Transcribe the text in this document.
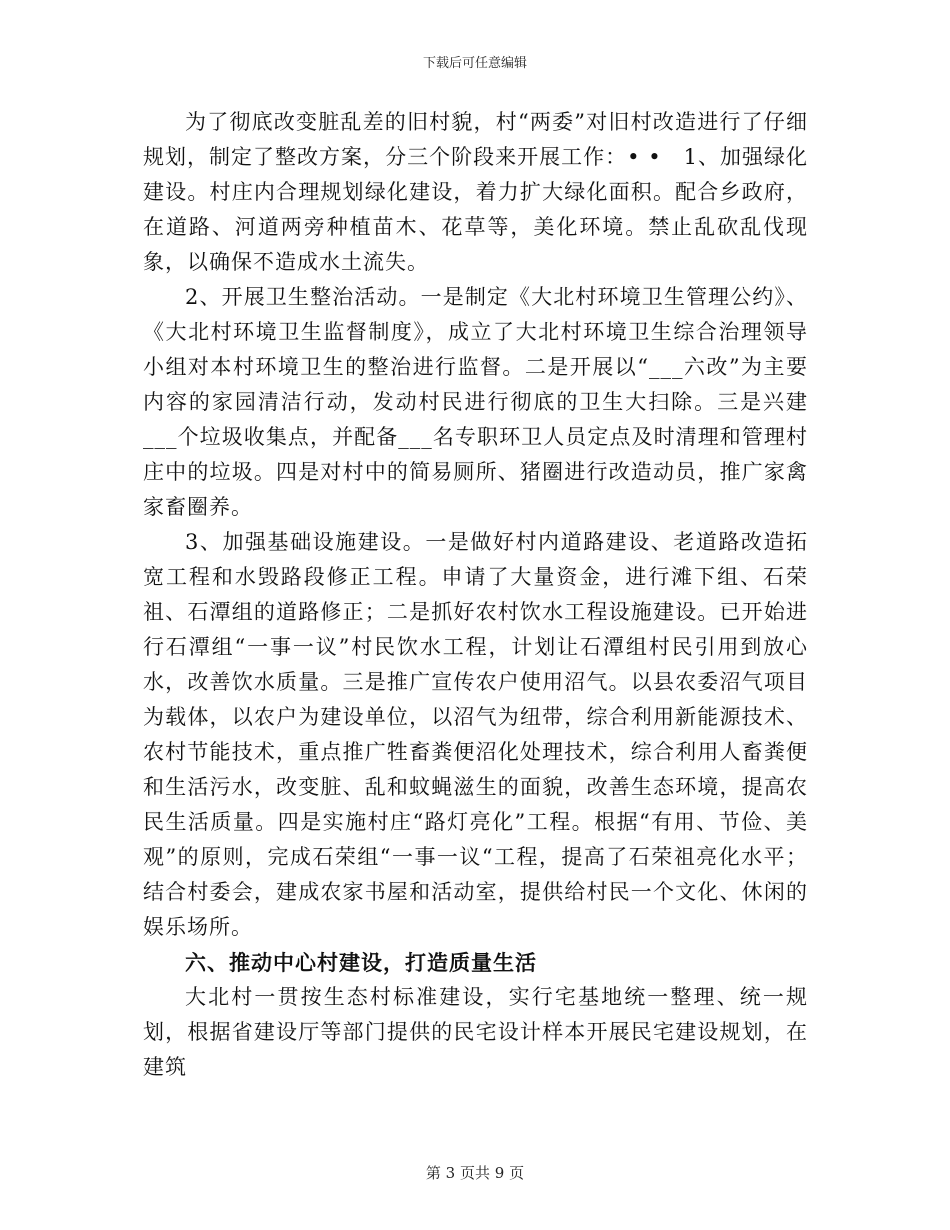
下载后可任意编辑

为了彻底改变脏乱差的旧村貌，村“两委”对旧村改造进行了仔细规划，制定了整改方案，分三个阶段来开展工作：• •　1、加强绿化建设。村庄内合理规划绿化建设，着力扩大绿化面积。配合乡政府，在道路、河道两旁种植苗木、花草等，美化环境。禁止乱砍乱伐现象，以确保不造成水土流失。

2、开展卫生整治活动。一是制定《大北村环境卫生管理公约》、《大北村环境卫生监督制度》，成立了大北村环境卫生综合治理领导小组对本村环境卫生的整治进行监督。二是开展以“___六改”为主要内容的家园清洁行动，发动村民进行彻底的卫生大扫除。三是兴建___个垃圾收集点，并配备___名专职环卫人员定点及时清理和管理村庄中的垃圾。四是对村中的简易厕所、猪圈进行改造动员，推广家禽家畜圈养。

3、加强基础设施建设。一是做好村内道路建设、老道路改造拓宽工程和水毁路段修正工程。申请了大量资金，进行滩下组、石荣祖、石潭组的道路修正；二是抓好农村饮水工程设施建设。已开始进行石潭组“一事一议”村民饮水工程，计划让石潭组村民引用到放心水，改善饮水质量。三是推广宣传农户使用沼气。以县农委沼气项目为载体，以农户为建设单位，以沼气为纽带，综合利用新能源技术、农村节能技术，重点推广牲畜粪便沼化处理技术，综合利用人畜粪便和生活污水，改变脏、乱和蚊蝇滋生的面貌，改善生态环境，提高农民生活质量。四是实施村庄“路灯亮化”工程。根据“有用、节俭、美观”的原则，完成石荣组“一事一议“工程，提高了石荣祖亮化水平；结合村委会，建成农家书屋和活动室，提供给村民一个文化、休闲的娱乐场所。

六、推动中心村建设，打造质量生活

大北村一贯按生态村标准建设，实行宅基地统一整理、统一规划，根据省建设厅等部门提供的民宅设计样本开展民宅建设规划，在建筑

第 3 页共 9 页
